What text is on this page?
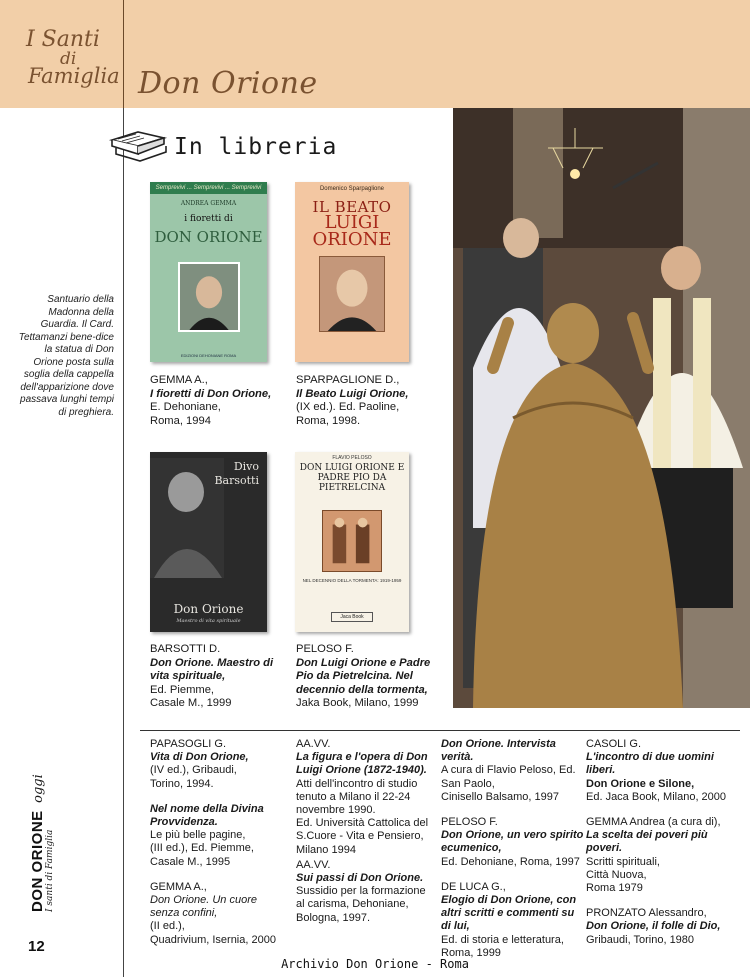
I Santi
di
Famiglia Don Orione
In libreria
Santuario della Madonna della Guardia. Il Card. Tettamanzi bene-dice la statua di Don Orione posta sulla soglia della cappella dell'apparizione dove passava lunghi tempi di preghiera.
Semprevivi ... Semprevivi ... Semprevivi
ANDREA GEMMA
i fioretti di
DON ORIONE
EDIZIONI DEHONIANE ROMA
Domenico Sparpaglione
IL BEATO
LUIGI ORIONE
Divo
Barsotti
Don Orione
Maestro di vita spirituale
FLAVIO PELOSO
DON LUIGI ORIONE E PADRE PIO DA PIETRELCINA
NEL DECENNIO DELLA TORMENTA: 1919-1959
Jaca Book
GEMMA A.,
I fioretti di Don Orione,
E. Dehoniane,
Roma, 1994
SPARPAGLIONE D.,
Il Beato Luigi Orione,
(IX ed.). Ed. Paoline,
Roma, 1998.
BARSOTTI D.
Don Orione. Maestro di vita spirituale,
Ed. Piemme,
Casale M., 1999
PELOSO F.
Don Luigi Orione e Padre Pio da Pietrelcina. Nel decennio della tormenta,
Jaka Book, Milano, 1999
PAPASOGLI G.
Vita di Don Orione,
(IV ed.), Gribaudi,
Torino, 1994.
Nel nome della Divina Provvidenza.
Le più belle pagine,
(III ed.), Ed. Piemme,
Casale M., 1995
GEMMA A.,
Don Orione. Un cuore senza confini,
(II ed.),
Quadrivium, Isernia, 2000
AA.VV.
La figura e l'opera di Don Luigi Orione (1872-1940).
Atti dell'incontro di studio tenuto a Milano il 22-24 novembre 1990.
Ed. Università Cattolica del S.Cuore - Vita e Pensiero,
Milano 1994
AA.VV.
Sui passi di Don Orione.
Sussidio per la formazione al carisma, Dehoniane,
Bologna, 1997.
Don Orione. Intervista verità.
A cura di Flavio Peloso, Ed. San Paolo,
Cinisello Balsamo, 1997
PELOSO F.
Don Orione, un vero spirito ecumenico,
Ed. Dehoniane, Roma, 1997
DE LUCA G.,
Elogio di Don Orione, con altri scritti e commenti su di lui,
Ed. di storia e letteratura,
Roma, 1999
CASOLI G.
L'incontro di due uomini liberi.
Don Orione e Silone,
Ed. Jaca Book, Milano, 2000
GEMMA Andrea (a cura di),
La scelta dei poveri più poveri.
Scritti spirituali,
Città Nuova,
Roma 1979
PRONZATO Alessandro,
Don Orione, il folle di Dio,
Gribaudi, Torino, 1980
DON ORIONE oggi
I santi di Famiglia
12
Archivio Don Orione - Roma
